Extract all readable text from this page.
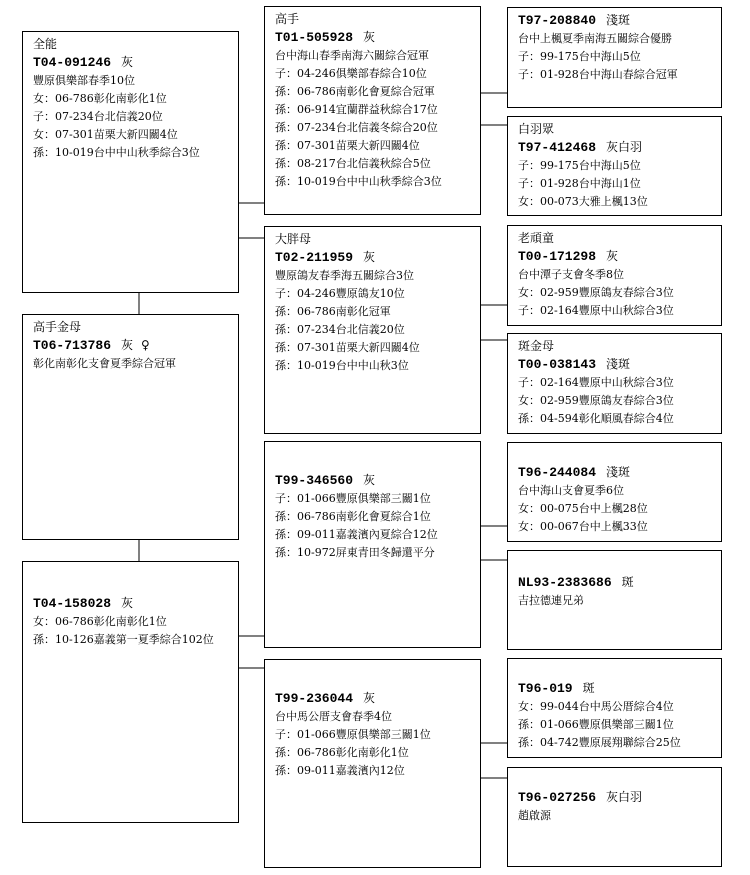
全能
T04-091246 灰
豐原俱樂部春季10位
女：06-786彰化南彰化1位
子：07-234台北信義20位
女：07-301苗栗大新四關4位
孫：10-019台中中山秋季綜合3位
高手金母
T06-713786 灰 ♀
彰化南彰化支會夏季綜合冠軍
T04-158028 灰
女：06-786彰化南彰化1位
孫：10-126嘉義第一夏季綜合102位
高手
T01-505928 灰
台中海山春季南海六關綜合冠軍
子：04-246俱樂部春綜合10位
孫：06-786南彰化會夏綜合冠軍
孫：06-914宜蘭群益秋綜合17位
孫：07-234台北信義冬綜合20位
孫：07-301苗栗大新四關4位
孫：08-217台北信義秋綜合5位
孫：10-019台中中山秋季綜合3位
大胖母
T02-211959 灰
豐原鴿友春季海五關綜合3位
子：04-246豐原鴿友10位
孫：06-786南彰化冠軍
孫：07-234台北信義20位
孫：07-301苗栗大新四關4位
孫：10-019台中中山秋3位
T99-346560 灰
子：01-066豐原俱樂部三關1位
孫：06-786南彰化會夏綜合1位
孫：09-011嘉義濱內夏綜合12位
孫：10-972屏東青田冬歸還平分
T99-236044 灰
台中馬公厝支會春季4位
子：01-066豐原俱樂部三關1位
孫：06-786彰化南彰化1位
孫：09-011嘉義濱內12位
T97-208840 淺斑
台中上楓夏季南海五關綜合優勝
子：99-175台中海山5位
子：01-928台中海山春綜合冠軍
白羽眾
T97-412468 灰白羽
子：99-175台中海山5位
子：01-928台中海山1位
女：00-073大雅上楓13位
老頑童
T00-171298 灰
台中潭子支會冬季8位
女：02-959豐原鴿友春綜合3位
子：02-164豐原中山秋綜合3位
斑金母
T00-038143 淺斑
子：02-164豐原中山秋綜合3位
女：02-959豐原鴿友春綜合3位
孫：04-594彰化順風春綜合4位
T96-244084 淺斑
台中海山支會夏季6位
女：00-075台中上楓28位
女：00-067台中上楓33位
NL93-2383686 斑
吉拉德連兄弟
T96-019 斑
女：99-044台中馬公厝綜合4位
孫：01-066豐原俱樂部三關1位
孫：04-742豐原展翔聯綜合25位
T96-027256 灰白羽
趙啟源
